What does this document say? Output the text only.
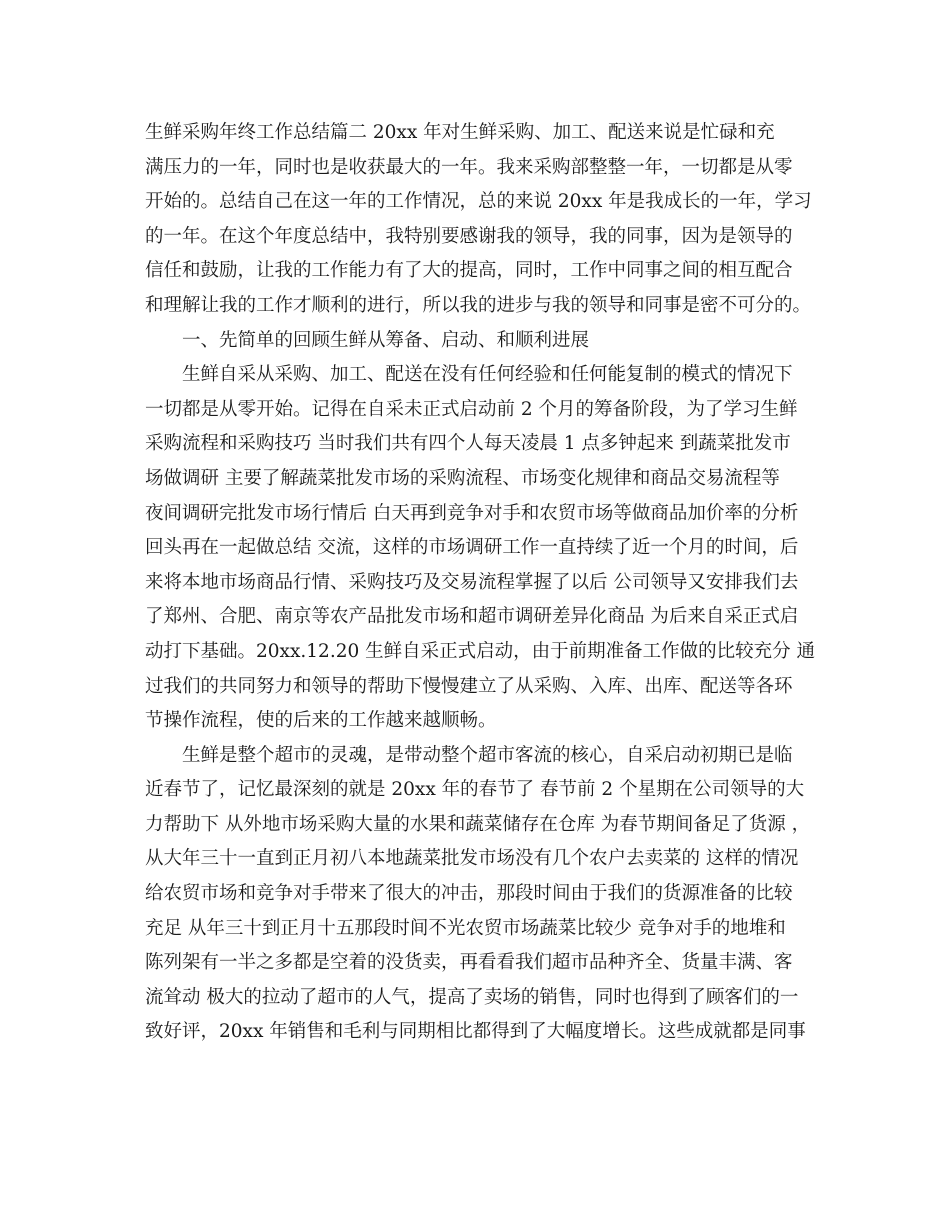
生鲜采购年终工作总结篇二 20xx 年对生鲜采购、加工、配送来说是忙碌和充
满压力的一年，同时也是收获最大的一年。我来采购部整整一年，一切都是从零
开始的。总结自己在这一年的工作情况，总的来说 20xx 年是我成长的一年，学习
的一年。在这个年度总结中，我特别要感谢我的领导，我的同事，因为是领导的
信任和鼓励，让我的工作能力有了大的提高，同时，工作中同事之间的相互配合
和理解让我的工作才顺利的进行，所以我的进步与我的领导和同事是密不可分的。
一、先简单的回顾生鲜从筹备、启动、和顺利进展
生鲜自采从采购、加工、配送在没有任何经验和任何能复制的模式的情况下
一切都是从零开始。记得在自采未正式启动前 2 个月的筹备阶段，为了学习生鲜
采购流程和采购技巧 当时我们共有四个人每天凌晨 1 点多钟起来 到蔬菜批发市
场做调研 主要了解蔬菜批发市场的采购流程、市场变化规律和商品交易流程等
夜间调研完批发市场行情后 白天再到竞争对手和农贸市场等做商品加价率的分析
回头再在一起做总结 交流，这样的市场调研工作一直持续了近一个月的时间，后
来将本地市场商品行情、采购技巧及交易流程掌握了以后 公司领导又安排我们去
了郑州、合肥、南京等农产品批发市场和超市调研差异化商品 为后来自采正式启
动打下基础。20xx.12.20 生鲜自采正式启动，由于前期准备工作做的比较充分 通
过我们的共同努力和领导的帮助下慢慢建立了从采购、入库、出库、配送等各环
节操作流程，使的后来的工作越来越顺畅。
生鲜是整个超市的灵魂，是带动整个超市客流的核心，自采启动初期已是临
近春节了，记忆最深刻的就是 20xx 年的春节了 春节前 2 个星期在公司领导的大
力帮助下 从外地市场采购大量的水果和蔬菜储存在仓库 为春节期间备足了货源 ，
从大年三十一直到正月初八本地蔬菜批发市场没有几个农户去卖菜的 这样的情况
给农贸市场和竞争对手带来了很大的冲击，那段时间由于我们的货源准备的比较
充足 从年三十到正月十五那段时间不光农贸市场蔬菜比较少 竞争对手的地堆和
陈列架有一半之多都是空着的没货卖，再看看我们超市品种齐全、货量丰满、客
流耸动 极大的拉动了超市的人气，提高了卖场的销售，同时也得到了顾客们的一
致好评，20xx 年销售和毛利与同期相比都得到了大幅度增长。这些成就都是同事
